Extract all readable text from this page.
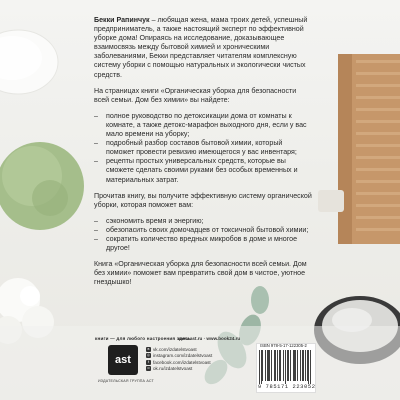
Бекки Рапинчук – любящая жена, мама троих детей, успешный предприниматель, а также настоящий эксперт по эффективной уборке дома! Опираясь на исследование, доказывающее взаимосвязь между бытовой химией и хроническими заболеваниями, Бекки представляет читателям комплексную систему уборки с помощью натуральных и экологически чистых средств.

На страницах книги «Органическая уборка для безопасности всей семьи. Дом без химии» вы найдете:

– полное руководство по детоксикации дома от комнаты к комнате, а также детокс-марафон выходного дня, если у вас мало времени на уборку;
– подробный разбор составов бытовой химии, который поможет провести ревизию имеющегося у вас инвентаря;
– рецепты простых универсальных средств, которые вы сможете сделать своими руками без особых временных и материальных затрат.

Прочитав книгу, вы получите эффективную систему органической уборки, которая поможет вам:

– сэкономить время и энергию;
– обезопасить своих домочадцев от токсичной бытовой химии;
– сократить количество вредных микробов в доме и многое другое!

Книга «Органическая уборка для безопасности всей семьи. Дом без химии» поможет вам превратить свой дом в чистое, уютное гнездышко!

книги — для любого настроения здесь
www.ast.ru · www.book24.ru
ast
ИЗДАТЕЛЬСКАЯ ГРУППА АСТ
в vk.com/izdatelstvoast
◎ instagram.com/izdatelstvoast
f facebook.com/izdatelstvoast
о ok.ru/izdatelstvoast
ISBN 978-5-17-122305-2
9 785171 223052
